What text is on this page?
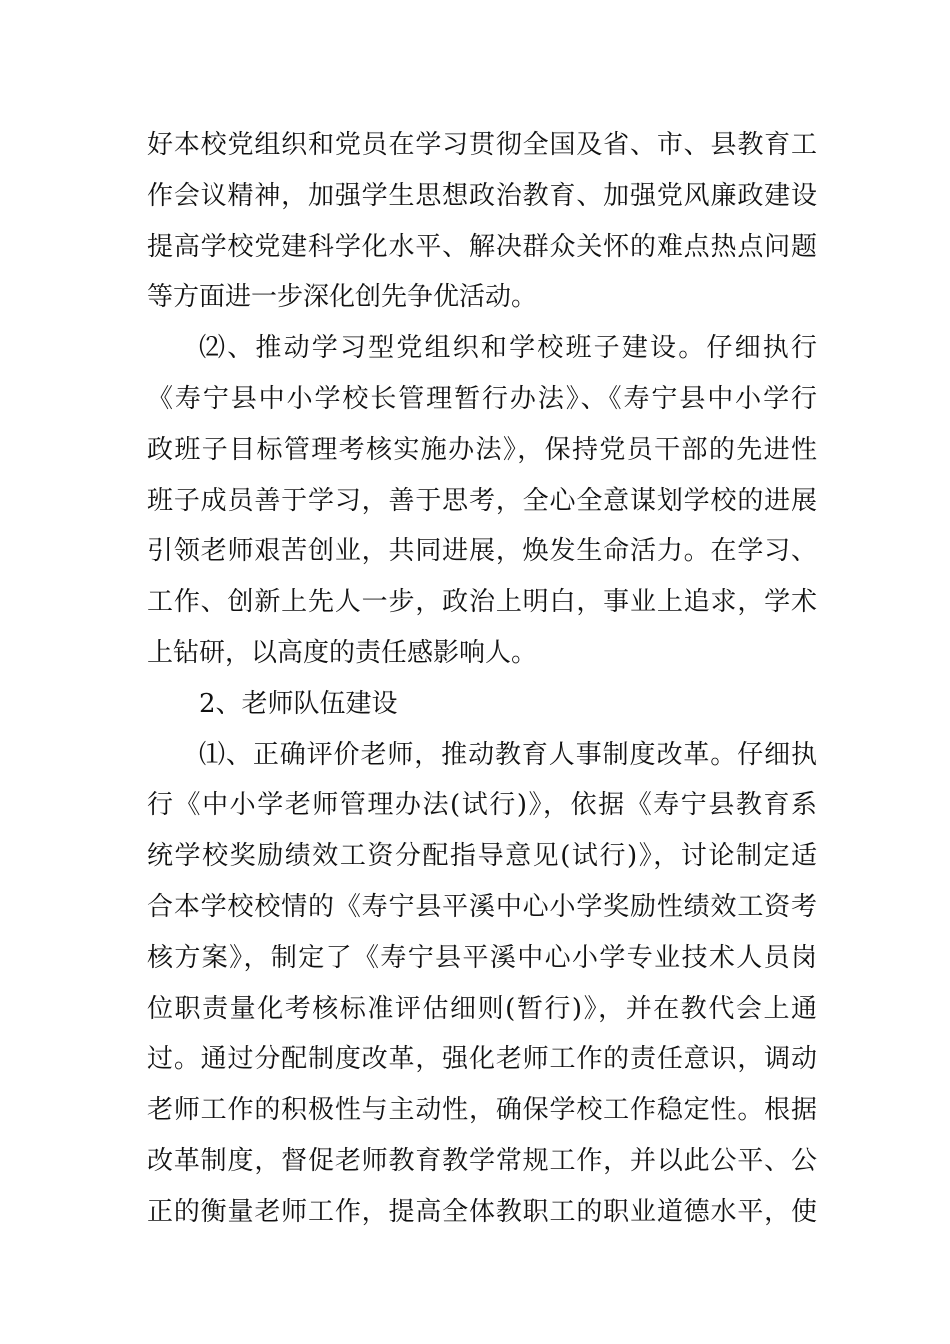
好本校党组织和党员在学习贯彻全国及省、市、县教育工
作会议精神，加强学生思想政治教育、加强党风廉政建设
提高学校党建科学化水平、解决群众关怀的难点热点问题
等方面进一步深化创先争优活动。
⑵、推动学习型党组织和学校班子建设。仔细执行
《寿宁县中小学校长管理暂行办法》、《寿宁县中小学行
政班子目标管理考核实施办法》，保持党员干部的先进性
班子成员善于学习，善于思考，全心全意谋划学校的进展
引领老师艰苦创业，共同进展，焕发生命活力。在学习、
工作、创新上先人一步，政治上明白，事业上追求，学术
上钻研，以高度的责任感影响人。
2、老师队伍建设
⑴、正确评价老师，推动教育人事制度改革。仔细执
行《中小学老师管理办法(试行)》，依据《寿宁县教育系
统学校奖励绩效工资分配指导意见(试行)》，讨论制定适
合本学校校情的《寿宁县平溪中心小学奖励性绩效工资考
核方案》，制定了《寿宁县平溪中心小学专业技术人员岗
位职责量化考核标准评估细则(暂行)》，并在教代会上通
过。通过分配制度改革，强化老师工作的责任意识，调动
老师工作的积极性与主动性，确保学校工作稳定性。根据
改革制度，督促老师教育教学常规工作，并以此公平、公
正的衡量老师工作，提高全体教职工的职业道德水平，使
